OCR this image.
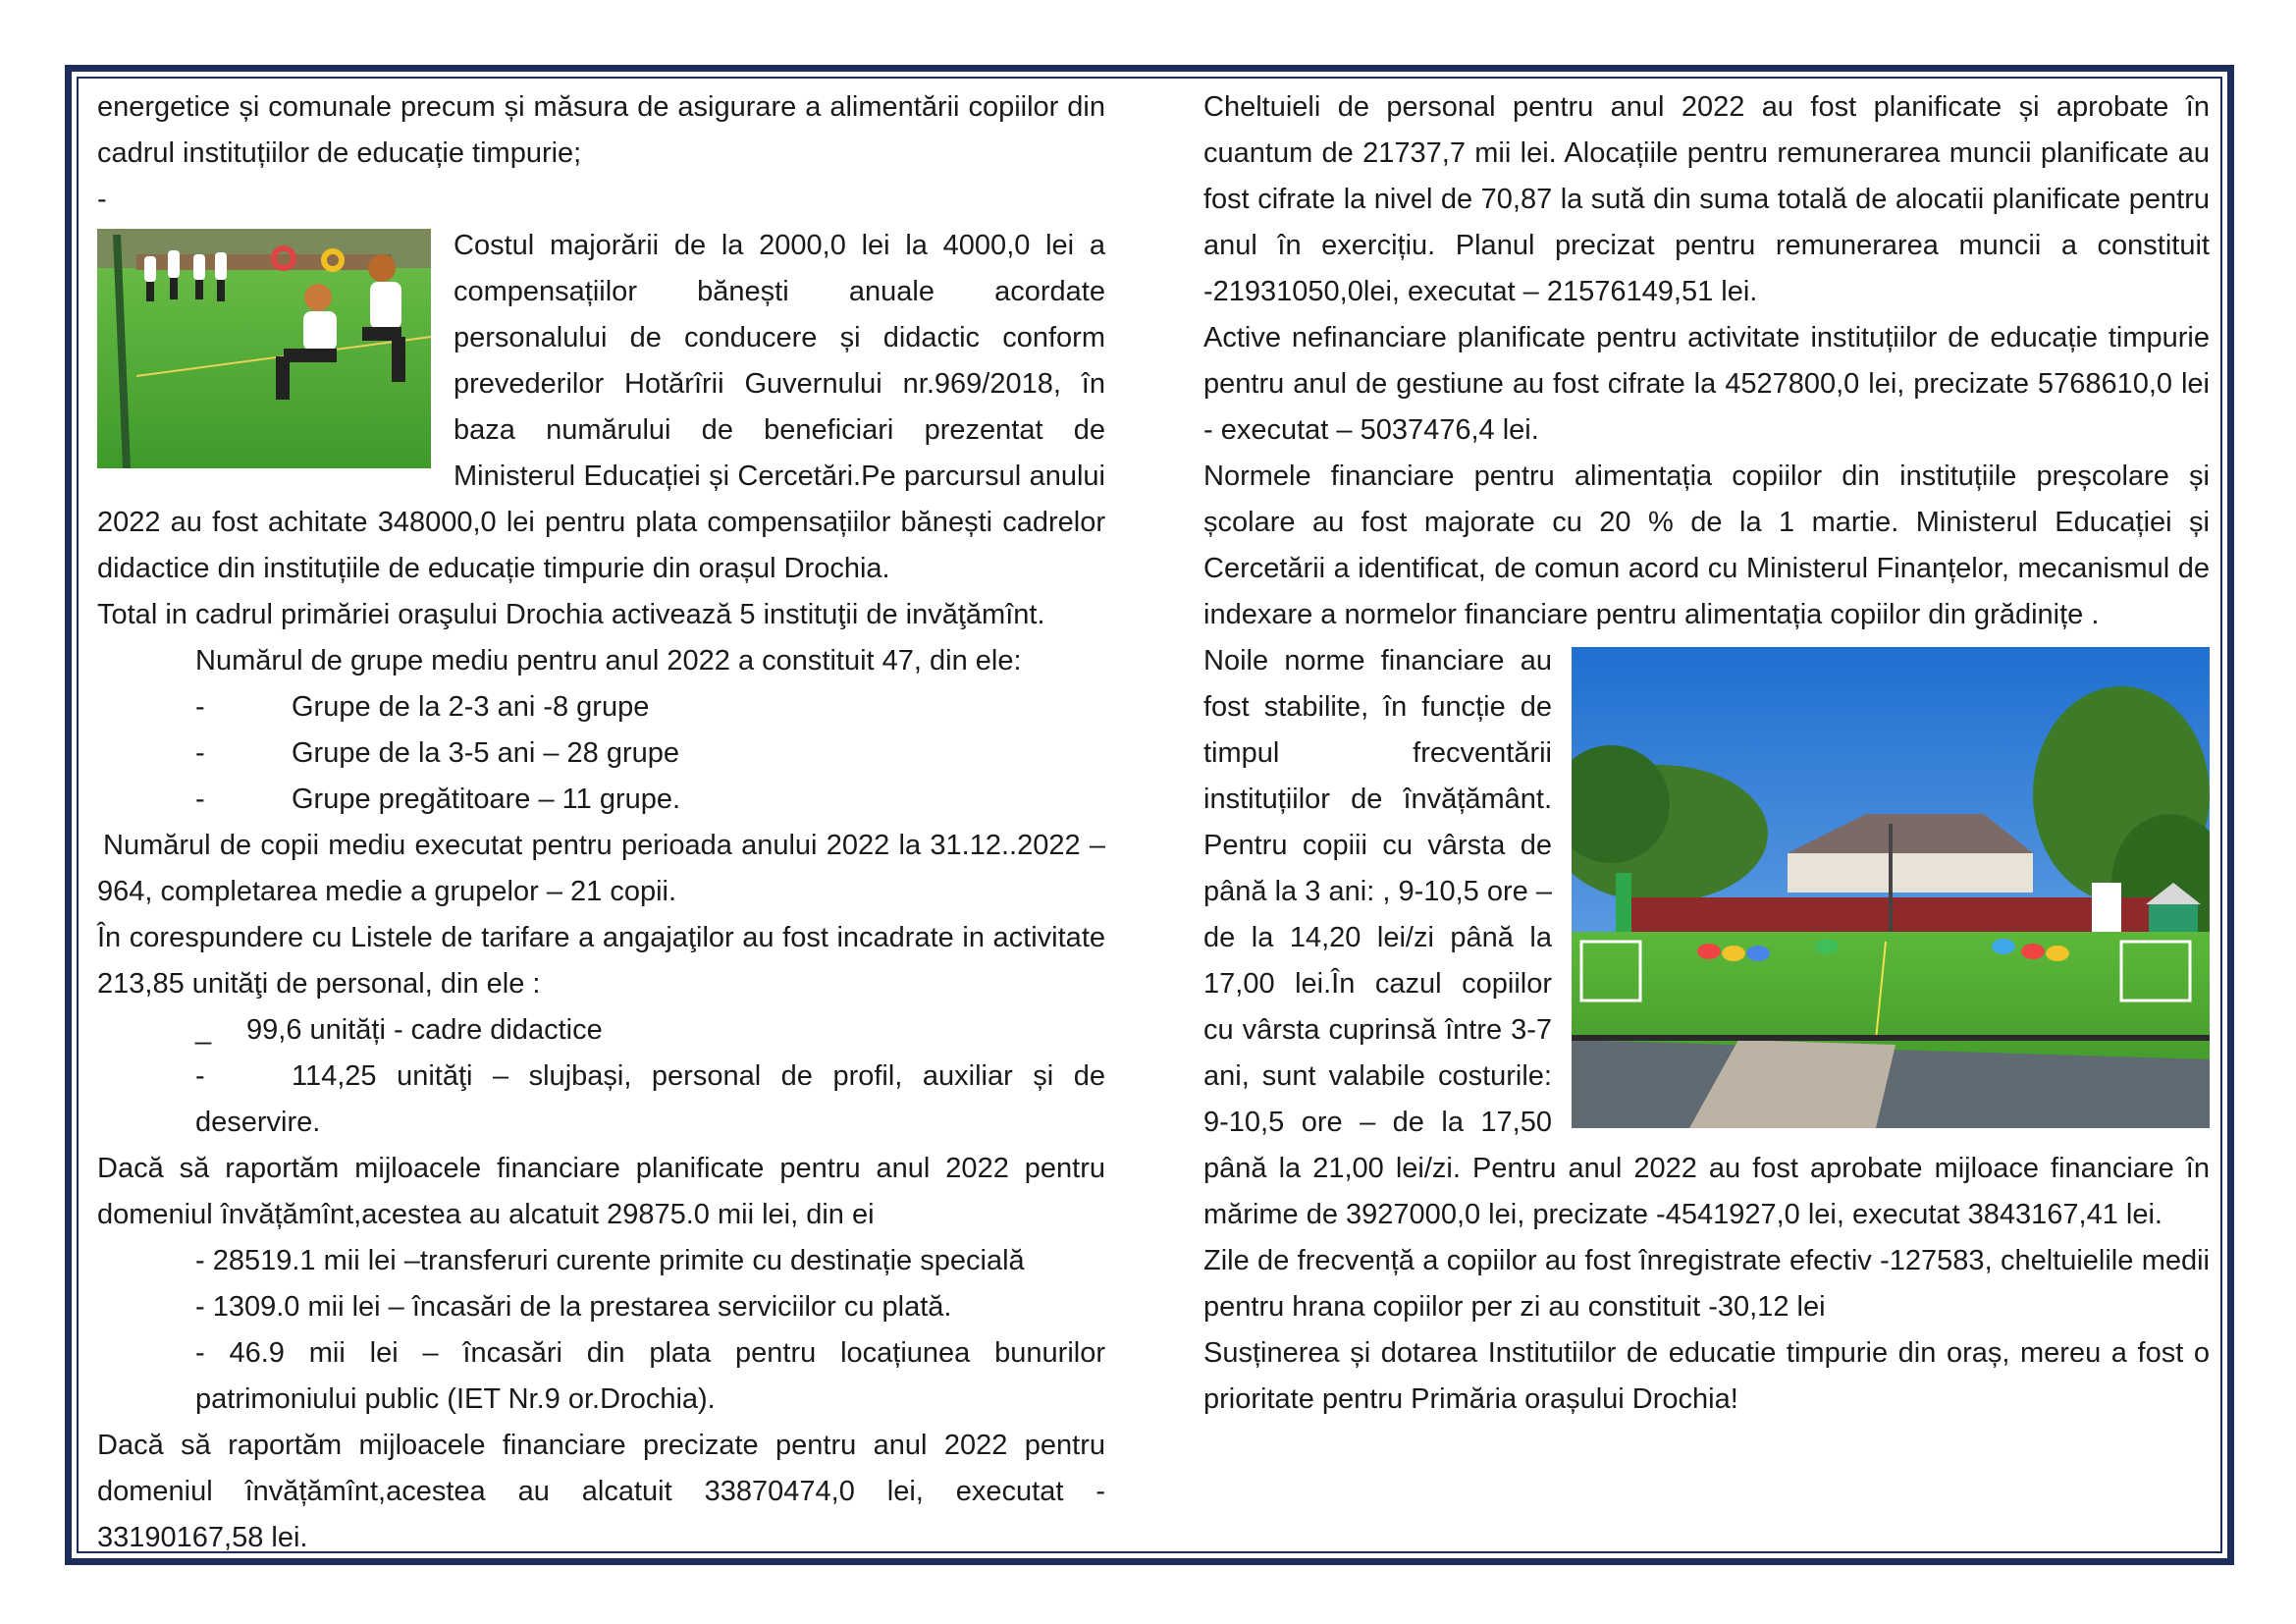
energetice și comunale precum și măsura de asigurare a alimentării copiilor din cadrul instituțiilor de educație timpurie;

-

Costul majorării de la 2000,0 lei la 4000,0 lei a compensațiilor bănești anuale acordate personalului de conducere și didactic conform prevederilor Hotărîrii Guvernului nr.969/2018, în baza numărului de beneficiari prezentat de Ministerul Educației și Cercetări.Pe parcursul anului 2022 au fost achitate 348000,0 lei pentru plata compensațiilor bănești cadrelor didactice din instituțiile de educație timpurie din orașul Drochia.

Total in cadrul primăriei oraşului Drochia activează 5 instituţii de invăţămînt.

Numărul de grupe mediu pentru anul 2022 a constituit 47, din ele:

-	Grupe de la 2-3 ani -8 grupe
-	Grupe de la 3-5 ani – 28 grupe
-	Grupe pregătitoare – 11 grupe.

Numărul de copii mediu executat pentru perioada anului 2022 la 31.12..2022 – 964, completarea medie a grupelor – 21 copii.

În corespundere cu Listele de tarifare a angajaţilor au fost incadrate in activitate 213,85 unităţi de personal, din ele :

_	99,6 unități - cadre didactice
-	114,25 unităţi – slujbași, personal de profil, auxiliar și de deservire.

Dacă să raportăm mijloacele financiare planificate pentru anul 2022 pentru domeniul învățămînt,acestea au alcatuit 29875.0 mii lei, din ei

- 28519.1 mii lei –transferuri curente primite cu destinație specială

- 1309.0 mii lei – încasări de la prestarea serviciilor cu plată.

- 46.9 mii lei – încasări din plata pentru locațiunea bunurilor patrimoniului public (IET Nr.9 or.Drochia).

Dacă să raportăm mijloacele financiare precizate pentru anul 2022 pentru domeniul învățămînt,acestea au alcatuit 33870474,0 lei, executat - 33190167,58 lei.

Cheltuieli de personal pentru anul 2022 au fost planificate și aprobate în cuantum de 21737,7 mii lei. Alocațiile pentru remunerarea muncii planificate au fost cifrate la nivel de 70,87 la sută din suma totală de alocatii planificate pentru anul în exercițiu. Planul precizat pentru remunerarea muncii a constituit -21931050,0lei, executat – 21576149,51 lei.

Active nefinanciare planificate pentru activitate instituțiilor de educație timpurie pentru anul de gestiune au fost cifrate la 4527800,0 lei, precizate 5768610,0 lei - executat – 5037476,4 lei.

Normele financiare pentru alimentația copiilor din instituțiile preșcolare și școlare au fost majorate cu 20 % de la 1 martie. Ministerul Educației și Cercetării a identificat, de comun acord cu Ministerul Finanțelor, mecanismul de indexare a normelor financiare pentru alimentația copiilor din grădinițe .

Noile norme financiare au fost stabilite, în funcție de timpul frecventării instituțiilor de învățământ. Pentru copiii cu vârsta de până la 3 ani: , 9-10,5 ore – de la 14,20 lei/zi până la 17,00 lei.În cazul copiilor cu vârsta cuprinsă între 3-7 ani, sunt valabile costurile: 9-10,5 ore – de la 17,50 până la 21,00 lei/zi. Pentru anul 2022 au fost aprobate mijloace financiare în mărime de 3927000,0 lei, precizate -4541927,0 lei, executat 3843167,41 lei.

Zile de frecvență a copiilor au fost înregistrate efectiv -127583, cheltuielile medii pentru hrana copiilor per zi au constituit -30,12 lei

Susținerea și dotarea Institutiilor de educatie timpurie din oraș, mereu a fost o prioritate pentru Primăria orașului Drochia!
